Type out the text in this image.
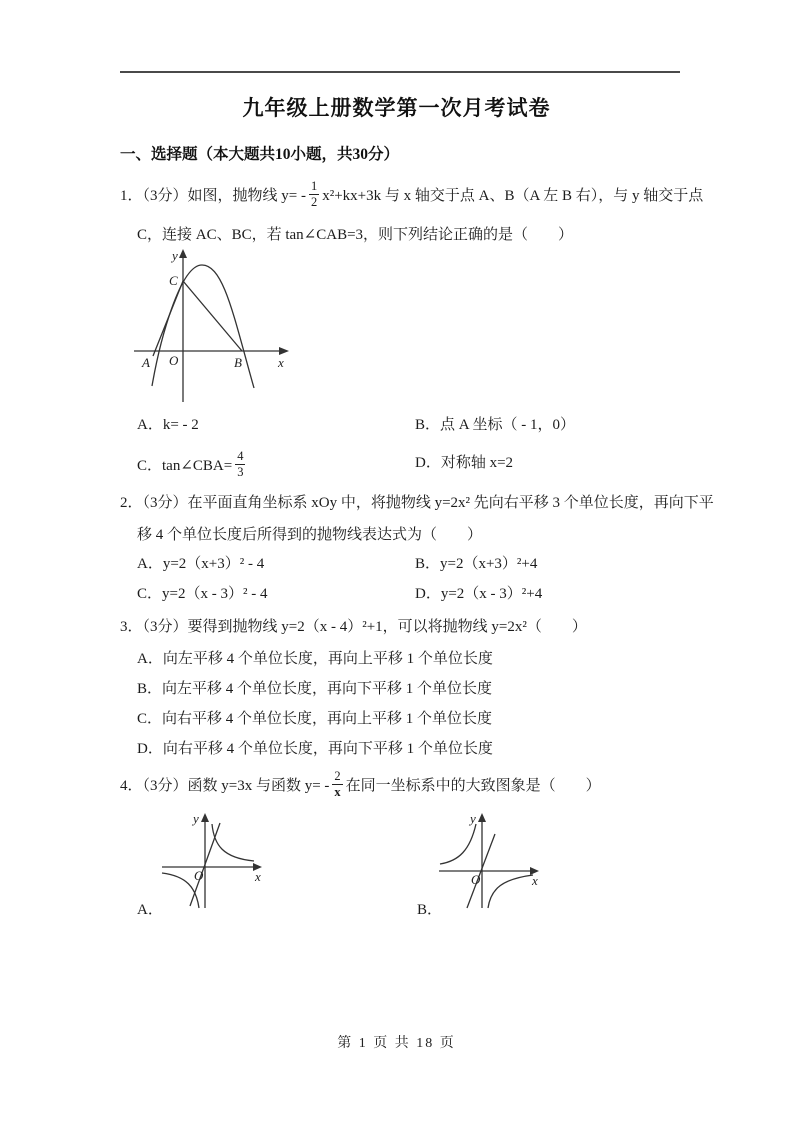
九年级上册数学第一次月考试卷
一、选择题（本大题共10小题，共30分）
1．（3分）如图，抛物线 $y= - \frac{1}{2} x^2+kx+3k$ 与 x 轴交于点 A、B（A 左 B 右），与 y 轴交于点
C，连接 AC、BC，若 tan∠CAB=3，则下列结论正确的是（　　）
y
x
O
A	B
C
A．k= - 2	B．点 A 坐标（ - 1，0）
C．tan∠CBA= $\frac{4}{3}$	D．对称轴 x=2
2．（3分）在平面直角坐标系 xOy 中，将抛物线 y=2x² 先向右平移 3 个单位长度，再向下平
移 4 个单位长度后所得到的抛物线表达式为（　　）
A．y=2（x+3）² - 4	B．y=2（x+3）²+4
C．y=2（x - 3）² - 4	D．y=2（x - 3）²+4
3．（3分）要得到抛物线 y=2（x - 4）²+1，可以将抛物线 y=2x²（　　）
A．向左平移 4 个单位长度，再向上平移 1 个单位长度
B．向左平移 4 个单位长度，再向下平移 1 个单位长度
C．向右平移 4 个单位长度，再向上平移 1 个单位长度
D．向右平移 4 个单位长度，再向下平移 1 个单位长度
4．（3分）函数 y=3x 与函数 $y= - \frac{2}{x}$ 在同一坐标系中的大致图象是（　　）
y
x
O
y
x
O
A．	B．
第 1 页 共 18 页
